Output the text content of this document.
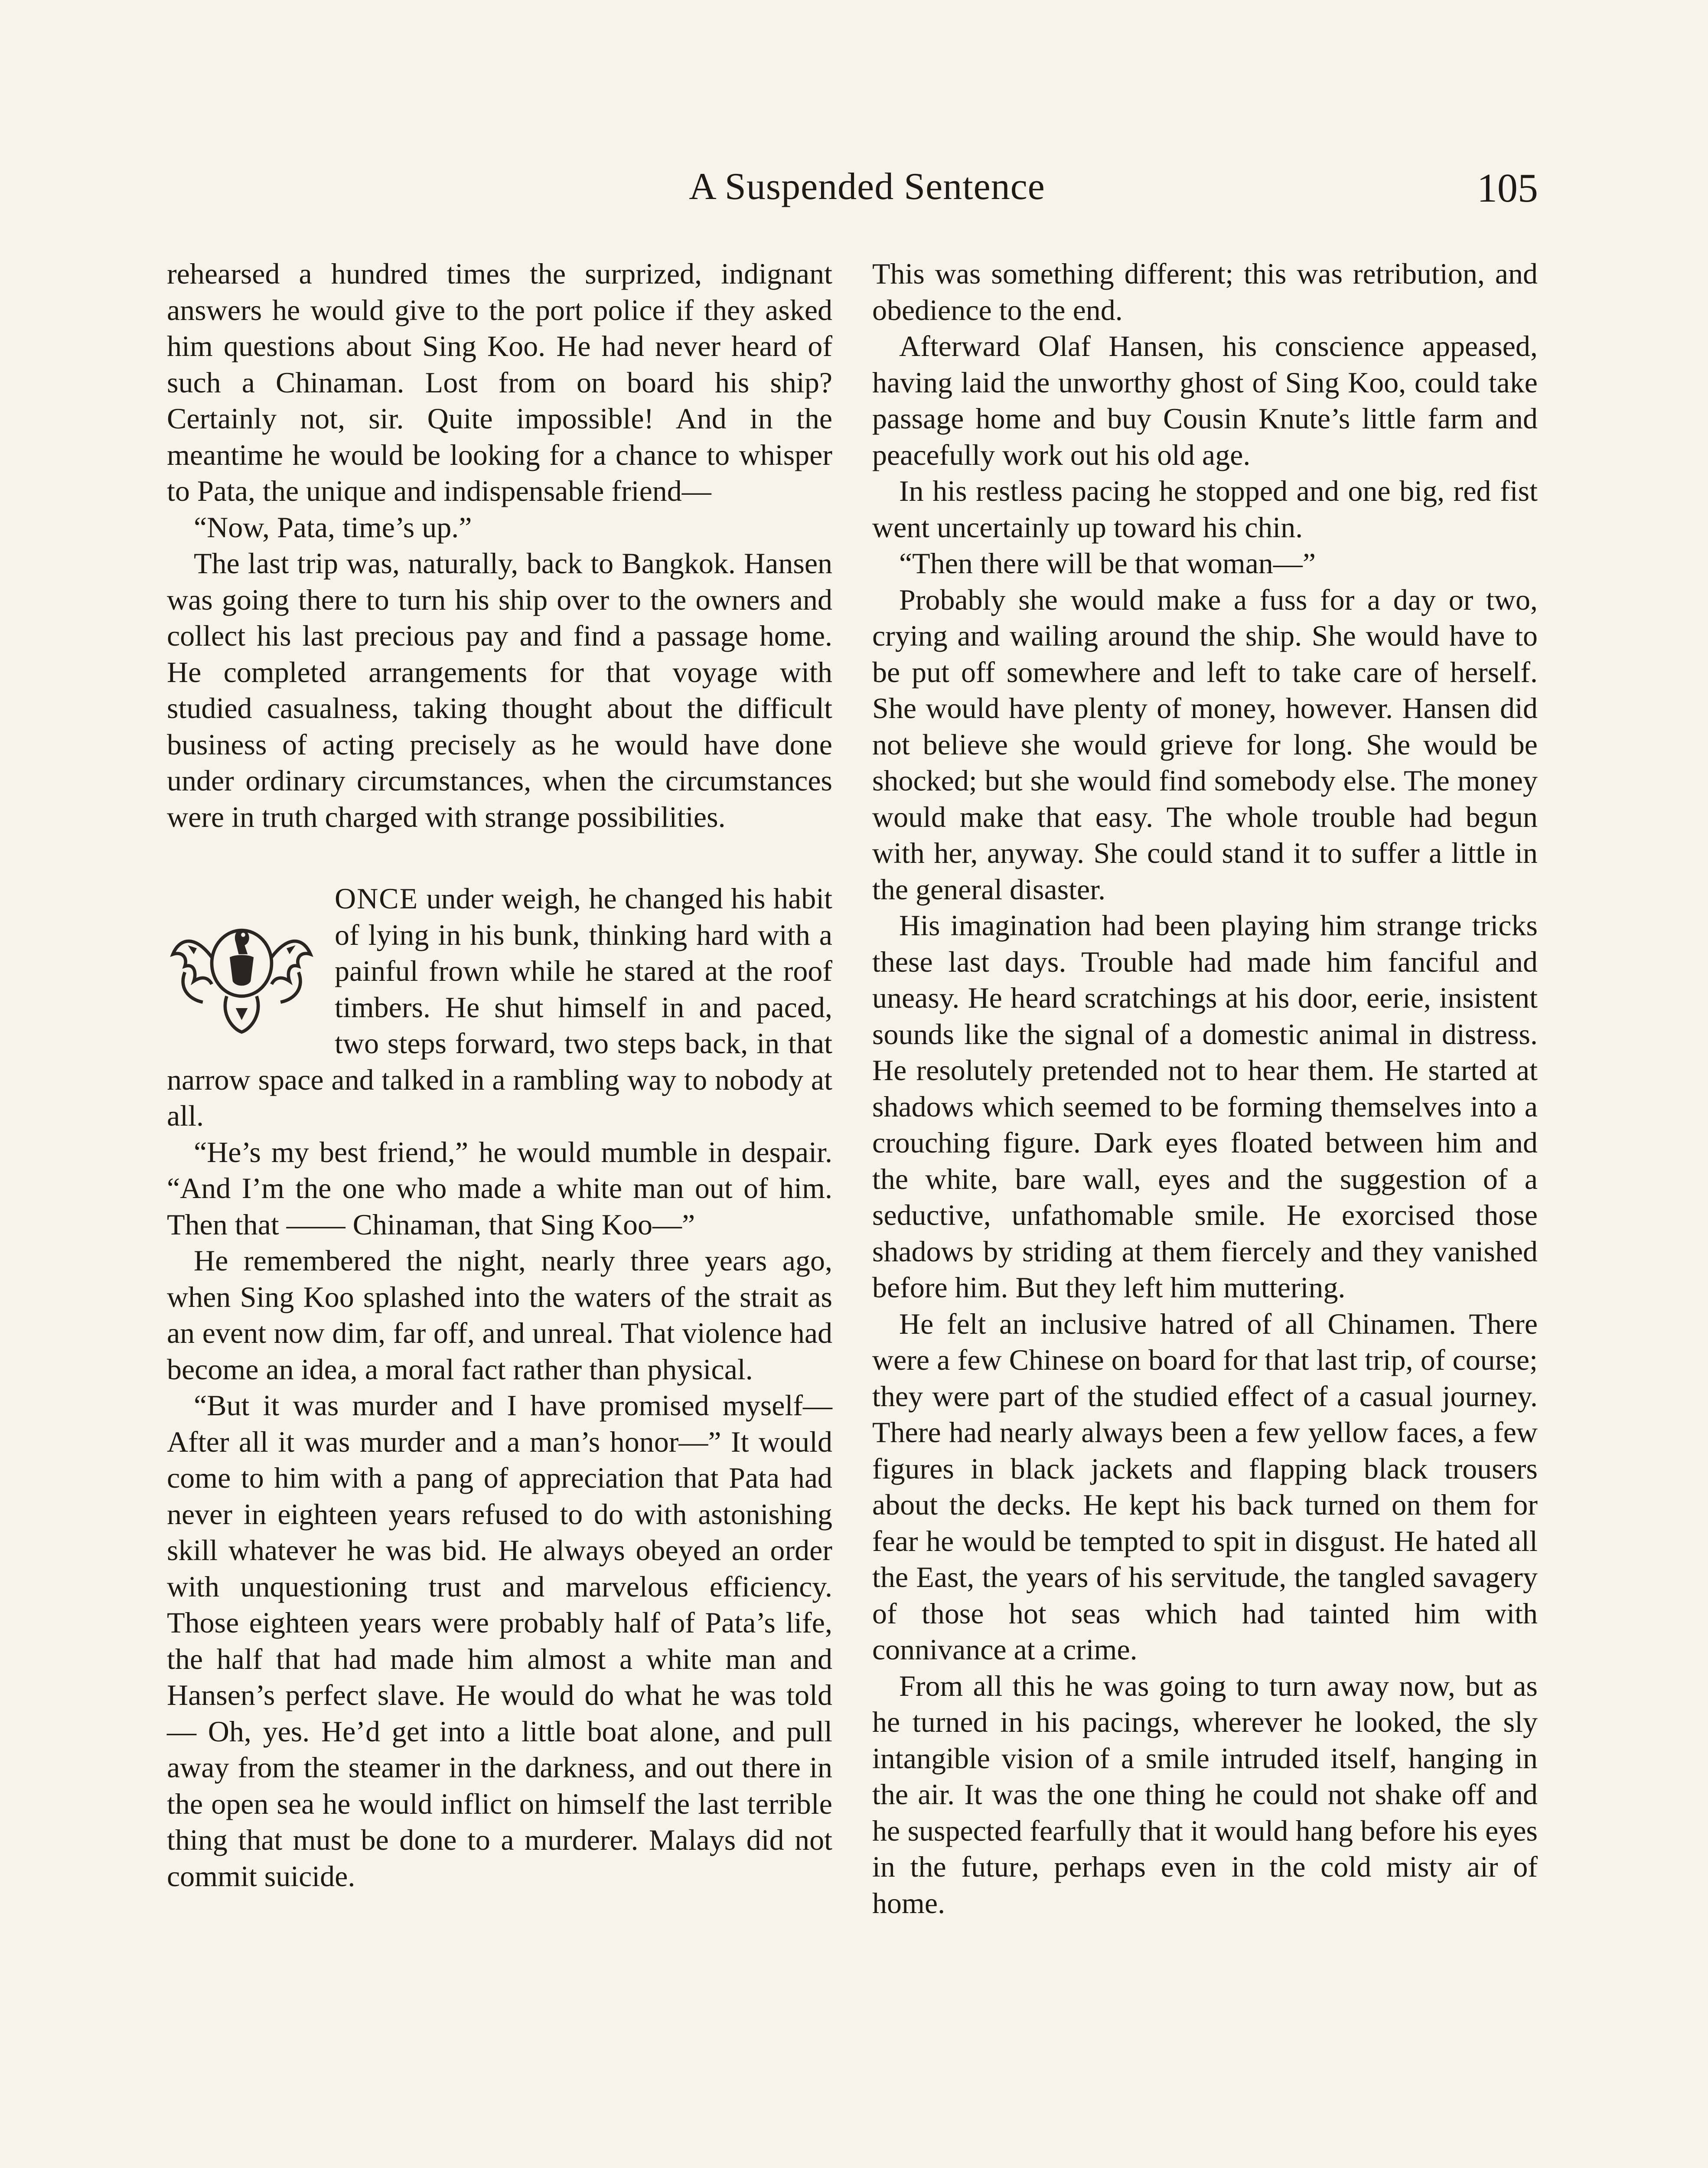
A Suspended Sentence	105

rehearsed a hundred times the surprized, indignant answers he would give to the port police if they asked him questions about Sing Koo. He had never heard of such a Chinaman. Lost from on board his ship? Certainly not, sir. Quite impossible! And in the meantime he would be looking for a chance to whisper to Pata, the unique and indispensable friend—

“Now, Pata, time’s up.”

The last trip was, naturally, back to Bangkok. Hansen was going there to turn his ship over to the owners and collect his last precious pay and find a passage home. He completed arrangements for that voyage with studied casualness, taking thought about the difficult business of acting precisely as he would have done under ordinary circumstances, when the circumstances were in truth charged with strange possibilities.

ONCE under weigh, he changed his habit of lying in his bunk, thinking hard with a painful frown while he stared at the roof timbers. He shut himself in and paced, two steps forward, two steps back, in that narrow space and talked in a rambling way to nobody at all.

“He’s my best friend,” he would mumble in despair. “And I’m the one who made a white man out of him. Then that —— Chinaman, that Sing Koo—”

He remembered the night, nearly three years ago, when Sing Koo splashed into the waters of the strait as an event now dim, far off, and unreal. That violence had become an idea, a moral fact rather than physical.

“But it was murder and I have promised myself— After all it was murder and a man’s honor—” It would come to him with a pang of appreciation that Pata had never in eighteen years refused to do with astonishing skill whatever he was bid. He always obeyed an order with unquestioning trust and marvelous efficiency. Those eighteen years were probably half of Pata’s life, the half that had made him almost a white man and Hansen’s perfect slave. He would do what he was told— Oh, yes. He’d get into a little boat alone, and pull away from the steamer in the darkness, and out there in the open sea he would inflict on himself the last terrible thing that must be done to a murderer. Malays did not commit suicide.

This was something different; this was retribution, and obedience to the end.

Afterward Olaf Hansen, his conscience appeased, having laid the unworthy ghost of Sing Koo, could take passage home and buy Cousin Knute’s little farm and peacefully work out his old age.

In his restless pacing he stopped and one big, red fist went uncertainly up toward his chin.

“Then there will be that woman—”

Probably she would make a fuss for a day or two, crying and wailing around the ship. She would have to be put off somewhere and left to take care of herself. She would have plenty of money, however. Hansen did not believe she would grieve for long. She would be shocked; but she would find somebody else. The money would make that easy. The whole trouble had begun with her, anyway. She could stand it to suffer a little in the general disaster.

His imagination had been playing him strange tricks these last days. Trouble had made him fanciful and uneasy. He heard scratchings at his door, eerie, insistent sounds like the signal of a domestic animal in distress. He resolutely pretended not to hear them. He started at shadows which seemed to be forming themselves into a crouching figure. Dark eyes floated between him and the white, bare wall, eyes and the suggestion of a seductive, unfathomable smile. He exorcised those shadows by striding at them fiercely and they vanished before him. But they left him muttering.

He felt an inclusive hatred of all Chinamen. There were a few Chinese on board for that last trip, of course; they were part of the studied effect of a casual journey. There had nearly always been a few yellow faces, a few figures in black jackets and flapping black trousers about the decks. He kept his back turned on them for fear he would be tempted to spit in disgust. He hated all the East, the years of his servitude, the tangled savagery of those hot seas which had tainted him with connivance at a crime.

From all this he was going to turn away now, but as he turned in his pacings, wherever he looked, the sly intangible vision of a smile intruded itself, hanging in the air. It was the one thing he could not shake off and he suspected fearfully that it would hang before his eyes in the future, perhaps even in the cold misty air of home.
